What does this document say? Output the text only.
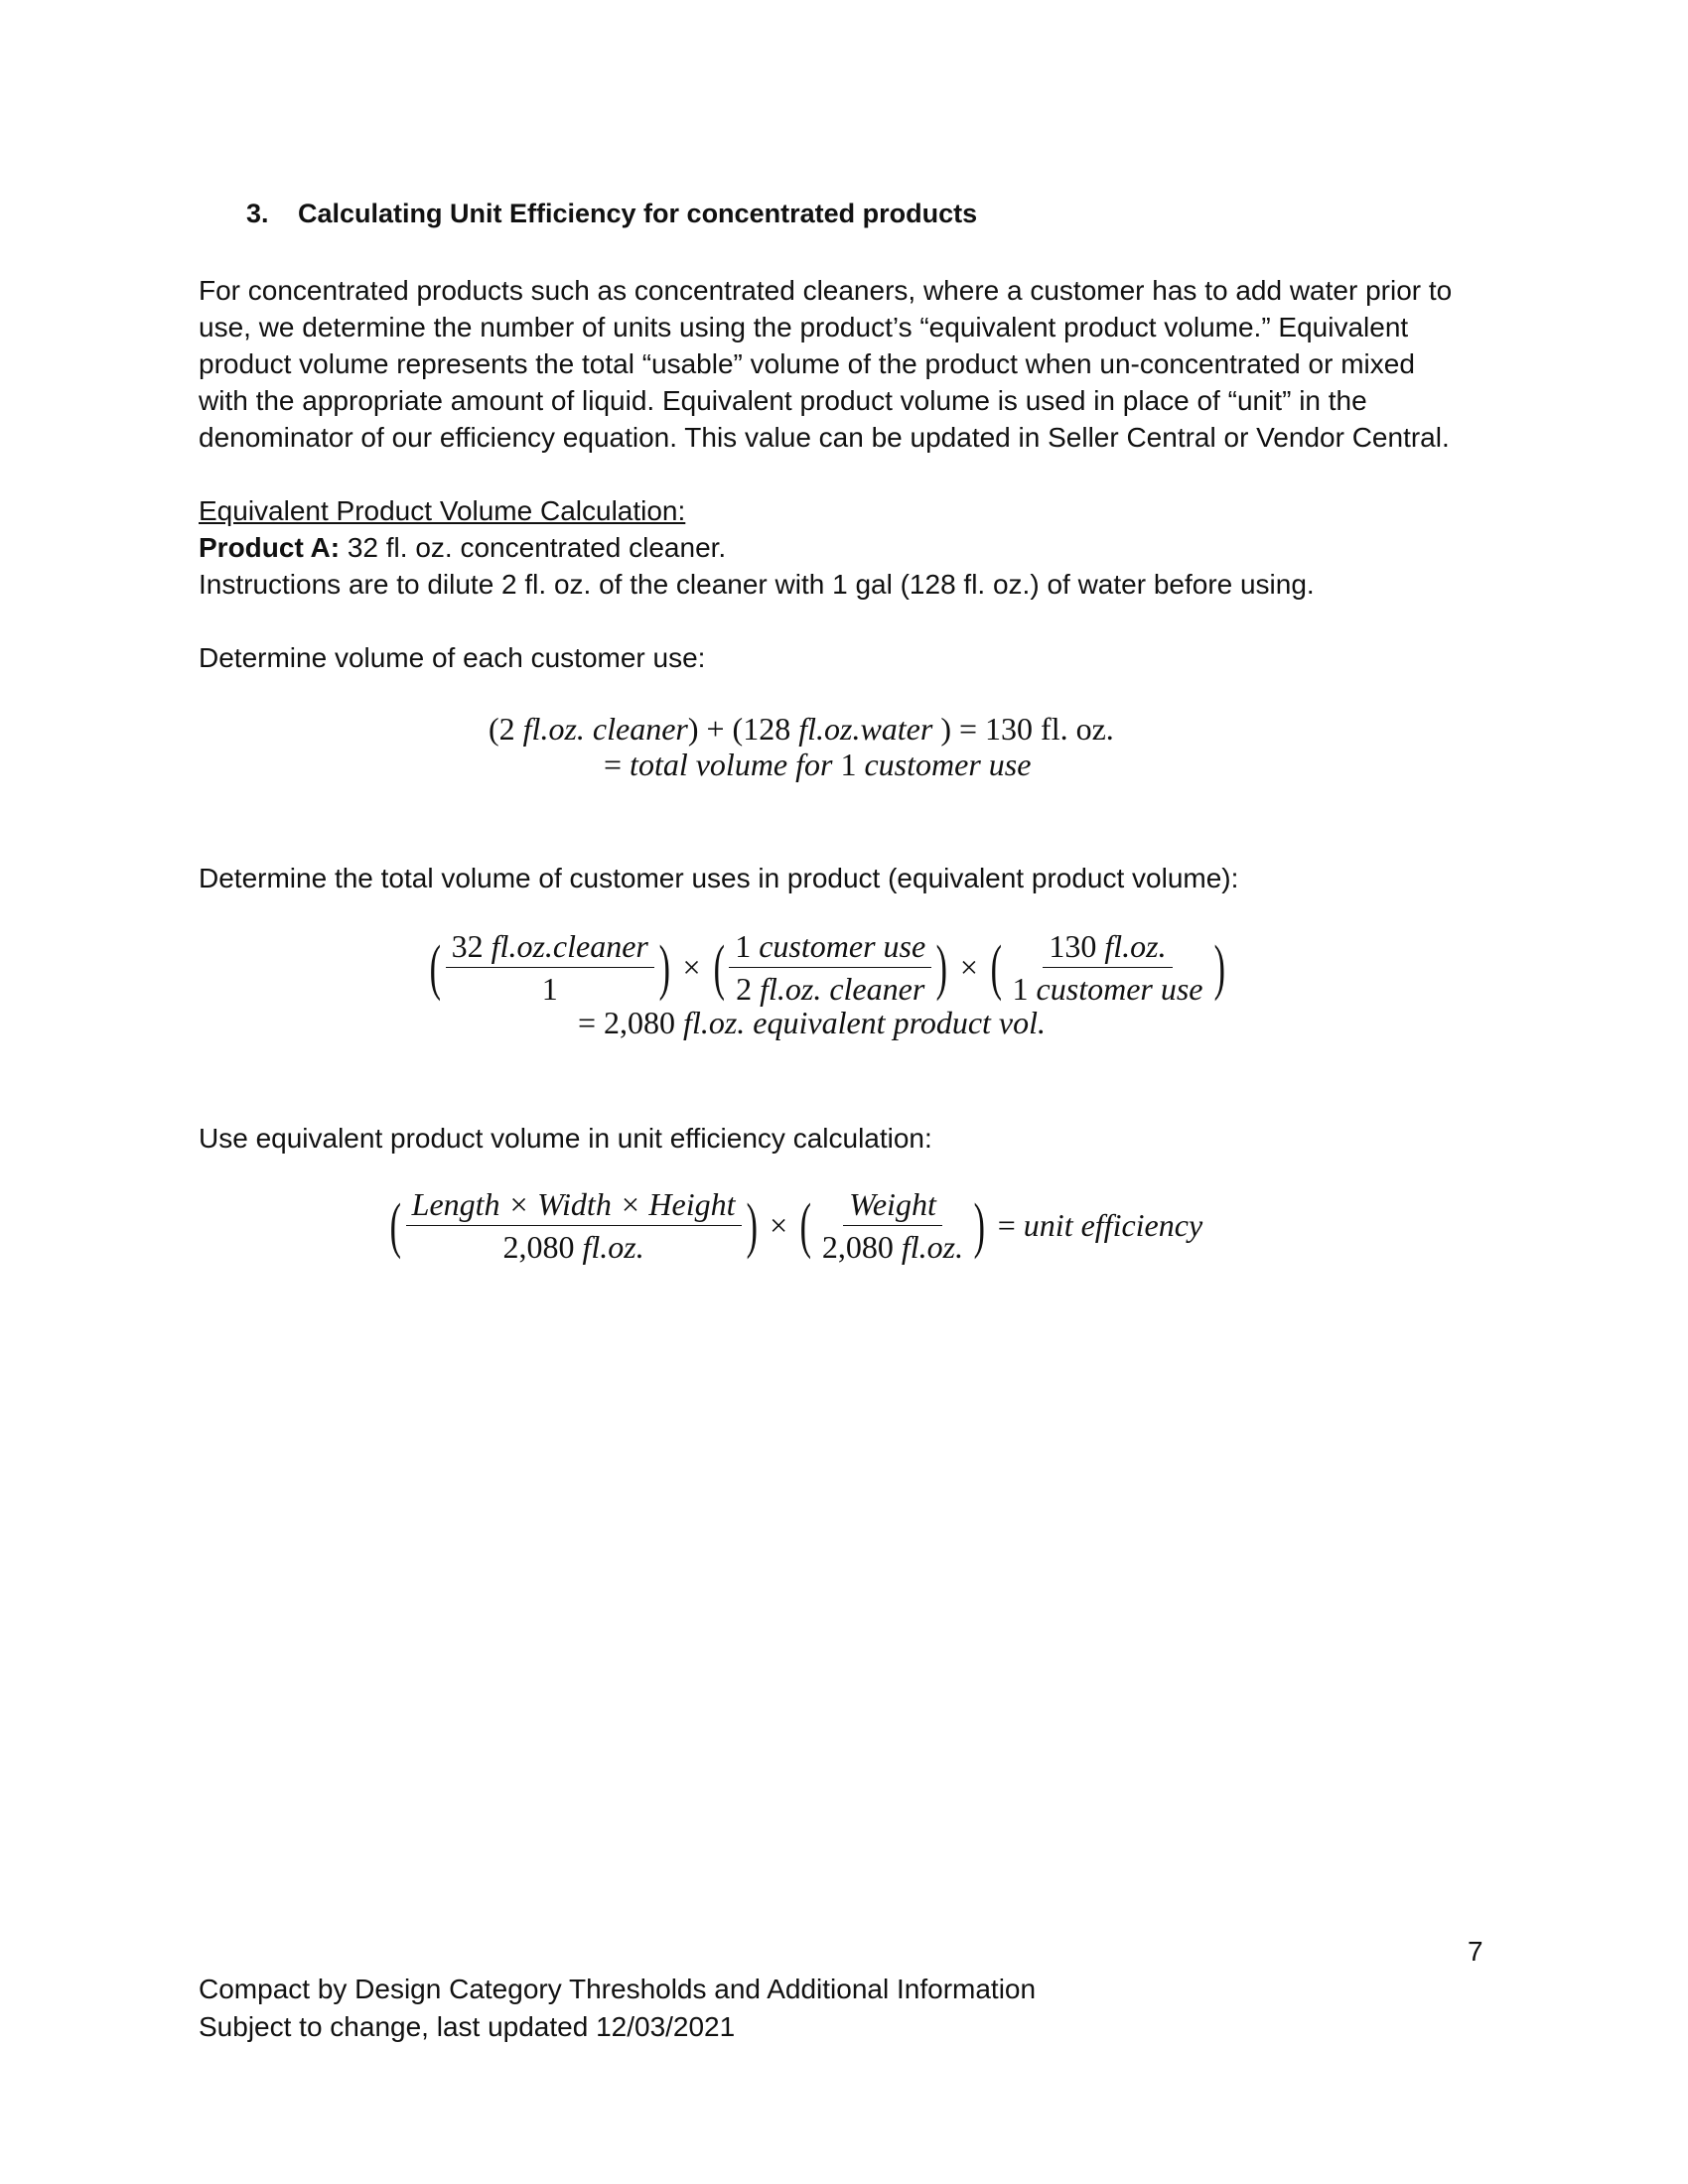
3. Calculating Unit Efficiency for concentrated products
For concentrated products such as concentrated cleaners, where a customer has to add water prior to
use, we determine the number of units using the product’s “equivalent product volume.” Equivalent
product volume represents the total “usable” volume of the product when un-concentrated or mixed
with the appropriate amount of liquid. Equivalent product volume is used in place of “unit” in the
denominator of our efficiency equation. This value can be updated in Seller Central or Vendor Central.
Equivalent Product Volume Calculation:
Product A: 32 fl. oz. concentrated cleaner.
Instructions are to dilute 2 fl. oz. of the cleaner with 1 gal (128 fl. oz.) of water before using.
Determine volume of each customer use:
(2 fl.oz. cleaner) + (128 fl.oz.water ) = 130 fl. oz.
= total volume for 1 customer use
Determine the total volume of customer uses in product (equivalent product volume):
( $\frac{\text{32 fl.oz.cleaner}}{1}$ ) × ( $\frac{\text{1 customer use}}{\text{2 fl.oz. cleaner}}$ ) × ( $\frac{130 fl.oz.}{\text{1 customer use}}$ )
= 2,080 fl.oz. equivalent product vol.
Use equivalent product volume in unit efficiency calculation:
( $\frac{\text{Length × Width × Height}}{2,080 fl.oz.}$ ) × ( $\frac{\text{Weight}}{2,080 fl.oz.}$ ) = unit efficiency
7
Compact by Design Category Thresholds and Additional Information
Subject to change, last updated 12/03/2021
